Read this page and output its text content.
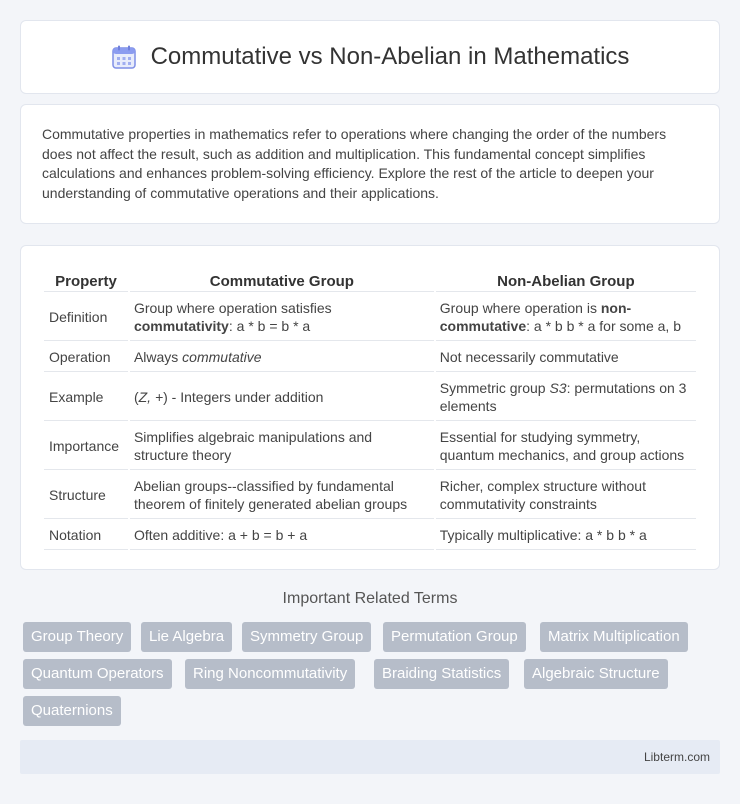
Commutative vs Non-Abelian in Mathematics

Commutative properties in mathematics refer to operations where changing the order of the numbers does not affect the result, such as addition and multiplication. This fundamental concept simplifies calculations and enhances problem-solving efficiency. Explore the rest of the article to deepen your understanding of commutative operations and their applications.

Property	Commutative Group	Non-Abelian Group
Definition	Group where operation satisfies commutativity: a * b = b * a	Group where operation is non-commutative: a * b b * a for some a, b
Operation	Always commutative	Not necessarily commutative
Example	(Z, +) - Integers under addition	Symmetric group S3: permutations on 3 elements
Importance	Simplifies algebraic manipulations and structure theory	Essential for studying symmetry, quantum mechanics, and group actions
Structure	Abelian groups--classified by fundamental theorem of finitely generated abelian groups	Richer, complex structure without commutativity constraints
Notation	Often additive: a + b = b + a	Typically multiplicative: a * b b * a
Important Related Terms
Group Theory	Lie Algebra	Symmetry Group	Permutation Group	Matrix Multiplication
Quantum Operators	Ring Noncommutativity	Braiding Statistics	Algebraic Structure
Quaternions
Libterm.com
